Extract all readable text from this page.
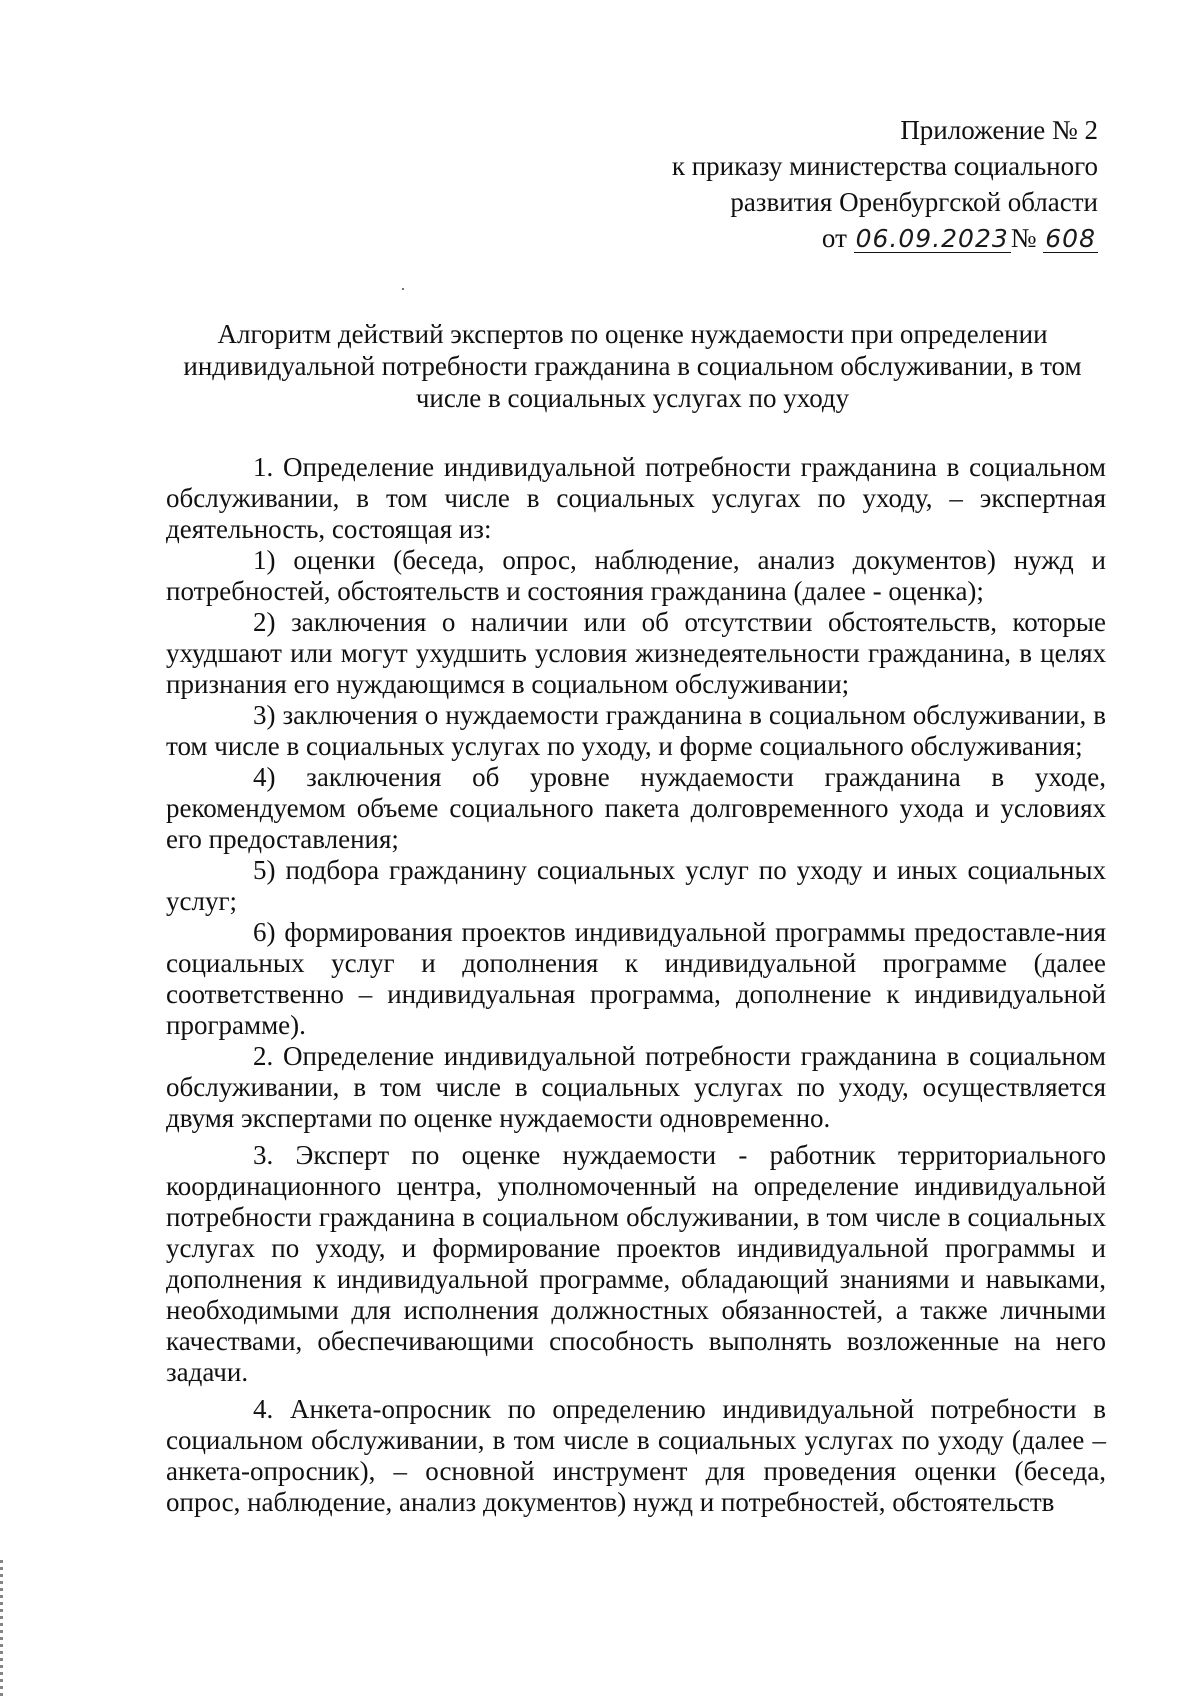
Приложение № 2
к приказу министерства социального
развития Оренбургской области
от 06.09.2023№ 608
Алгоритм действий экспертов по оценке нуждаемости при определении индивидуальной потребности гражданина в социальном обслуживании, в том числе в социальных услугах по уходу

1. Определение индивидуальной потребности гражданина в социальном обслуживании, в том числе в социальных услугах по уходу, – экспертная деятельность, состоящая из:

1) оценки (беседа, опрос, наблюдение, анализ документов) нужд и потребностей, обстоятельств и состояния гражданина (далее - оценка);

2) заключения о наличии или об отсутствии обстоятельств, которые ухудшают или могут ухудшить условия жизнедеятельности гражданина, в целях признания его нуждающимся в социальном обслуживании;

3) заключения о нуждаемости гражданина в социальном обслуживании, в том числе в социальных услугах по уходу, и форме социального обслуживания;

4) заключения об уровне нуждаемости гражданина в уходе, рекомендуемом объеме социального пакета долговременного ухода и условиях его предоставления;

5) подбора гражданину социальных услуг по уходу и иных социальных услуг;

6) формирования проектов индивидуальной программы предоставле-ния социальных услуг и дополнения к индивидуальной программе (далее соответственно – индивидуальная программа, дополнение к индивидуальной программе).

2. Определение индивидуальной потребности гражданина в социальном обслуживании, в том числе в социальных услугах по уходу, осуществляется двумя экспертами по оценке нуждаемости одновременно.

3. Эксперт по оценке нуждаемости - работник территориального координационного центра, уполномоченный на определение индивидуальной потребности гражданина в социальном обслуживании, в том числе в социальных услугах по уходу, и формирование проектов индивидуальной программы и дополнения к индивидуальной программе, обладающий знаниями и навыками, необходимыми для исполнения должностных обязанностей, а также личными качествами, обеспечивающими способность выполнять возложенные на него задачи.

4. Анкета-опросник по определению индивидуальной потребности в социальном обслуживании, в том числе в социальных услугах по уходу (далее – анкета-опросник), – основной инструмент для проведения оценки (беседа, опрос, наблюдение, анализ документов) нужд и потребностей, обстоятельств
